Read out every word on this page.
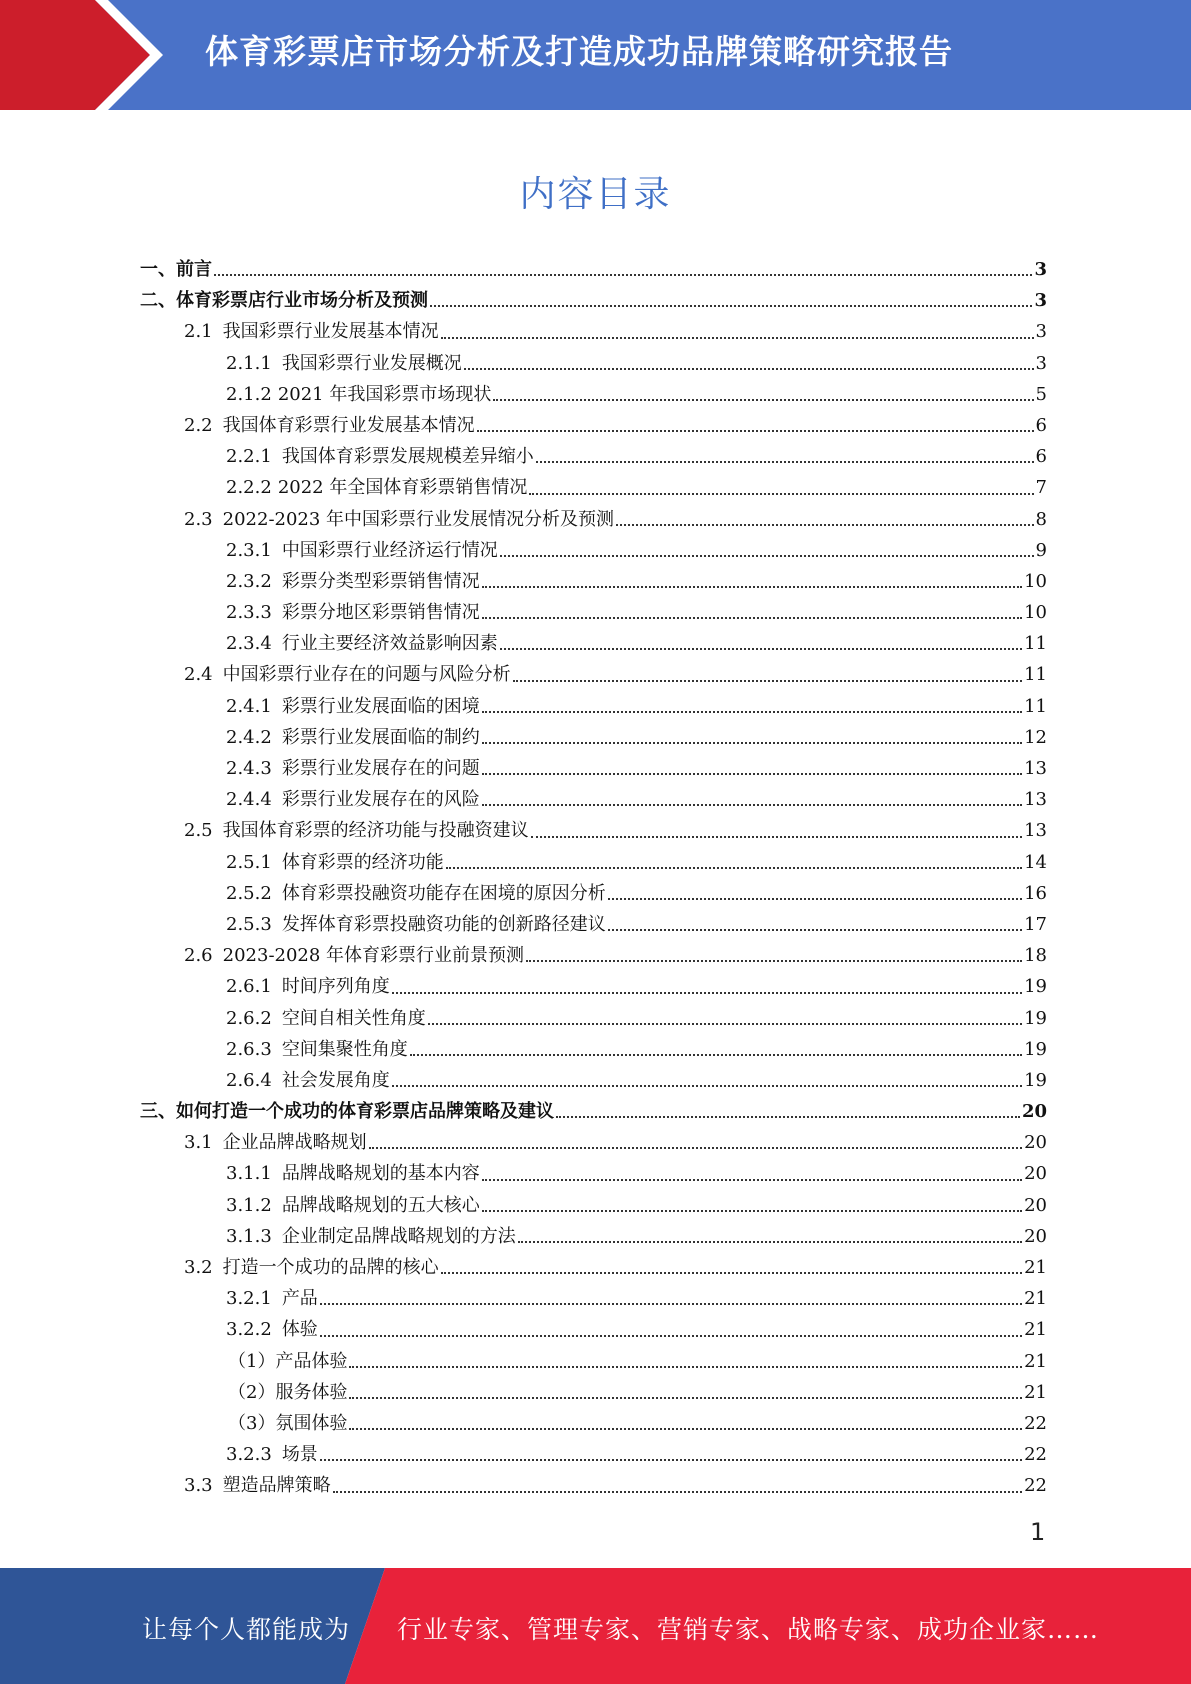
体育彩票店市场分析及打造成功品牌策略研究报告
内容目录
一、 前言	3
二、 体育彩票店行业市场分析及预测	3
2.1 我国彩票行业发展基本情况	3
2.1.1 我国彩票行业发展概况	3
2.1.2 2021 年我国彩票市场现状	5
2.2 我国体育彩票行业发展基本情况	6
2.2.1 我国体育彩票发展规模差异缩小	6
2.2.2 2022 年全国体育彩票销售情况	7
2.3 2022-2023 年中国彩票行业发展情况分析及预测	8
2.3.1 中国彩票行业经济运行情况	9
2.3.2 彩票分类型彩票销售情况	10
2.3.3 彩票分地区彩票销售情况	10
2.3.4 行业主要经济效益影响因素	11
2.4 中国彩票行业存在的问题与风险分析	11
2.4.1 彩票行业发展面临的困境	11
2.4.2 彩票行业发展面临的制约	12
2.4.3 彩票行业发展存在的问题	13
2.4.4 彩票行业发展存在的风险	13
2.5 我国体育彩票的经济功能与投融资建议	13
2.5.1 体育彩票的经济功能	14
2.5.2 体育彩票投融资功能存在困境的原因分析	16
2.5.3 发挥体育彩票投融资功能的创新路径建议	17
2.6 2023-2028 年体育彩票行业前景预测	18
2.6.1 时间序列角度	19
2.6.2 空间自相关性角度	19
2.6.3 空间集聚性角度	19
2.6.4 社会发展角度	19
三、 如何打造一个成功的体育彩票店品牌策略及建议	20
3.1 企业品牌战略规划	20
3.1.1 品牌战略规划的基本内容	20
3.1.2 品牌战略规划的五大核心	20
3.1.3 企业制定品牌战略规划的方法	20
3.2 打造一个成功的品牌的核心	21
3.2.1 产品	21
3.2.2 体验	21
（1） 产品体验	21
（2） 服务体验	21
（3） 氛围体验	22
3.2.3 场景	22
3.3 塑造品牌策略	22
1
让每个人都能成为 行业专家、管理专家、营销专家、战略专家、成功企业家……
